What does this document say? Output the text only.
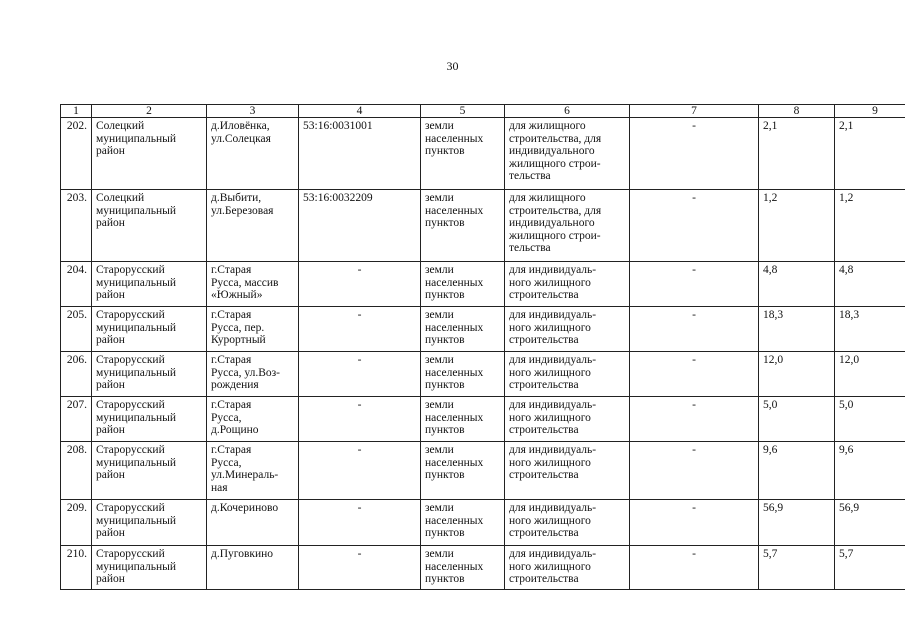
30
1	2	3	4	5	6	7	8	9
202.	Солецкий
муниципальный
район	д.Иловёнка,
ул.Солецкая	53:16:0031001	земли
населенных
пунктов	для жилищного
строительства, для
индивидуального
жилищного строи-
тельства	-	2,1	2,1
203.	Солецкий
муниципальный
район	д.Выбити,
ул.Березовая	53:16:0032209	земли
населенных
пунктов	для жилищного
строительства, для
индивидуального
жилищного строи-
тельства	-	1,2	1,2
204.	Старорусский
муниципальный
район	г.Старая
Русса, массив
«Южный»	-	земли
населенных
пунктов	для индивидуаль-
ного жилищного
строительства	-	4,8	4,8
205.	Старорусский
муниципальный
район	г.Старая
Русса, пер.
Курортный	-	земли
населенных
пунктов	для индивидуаль-
ного жилищного
строительства	-	18,3	18,3
206.	Старорусский
муниципальный
район	г.Старая
Русса, ул.Воз-
рождения	-	земли
населенных
пунктов	для индивидуаль-
ного жилищного
строительства	-	12,0	12,0
207.	Старорусский
муниципальный
район	г.Старая
Русса,
д.Рощино	-	земли
населенных
пунктов	для индивидуаль-
ного жилищного
строительства	-	5,0	5,0
208.	Старорусский
муниципальный
район	г.Старая
Русса,
ул.Минераль-
ная	-	земли
населенных
пунктов	для индивидуаль-
ного жилищного
строительства	-	9,6	9,6
209.	Старорусский
муниципальный
район	д.Кочериново	-	земли
населенных
пунктов	для индивидуаль-
ного жилищного
строительства	-	56,9	56,9
210.	Старорусский
муниципальный
район	д.Пуговкино	-	земли
населенных
пунктов	для индивидуаль-
ного жилищного
строительства	-	5,7	5,7
